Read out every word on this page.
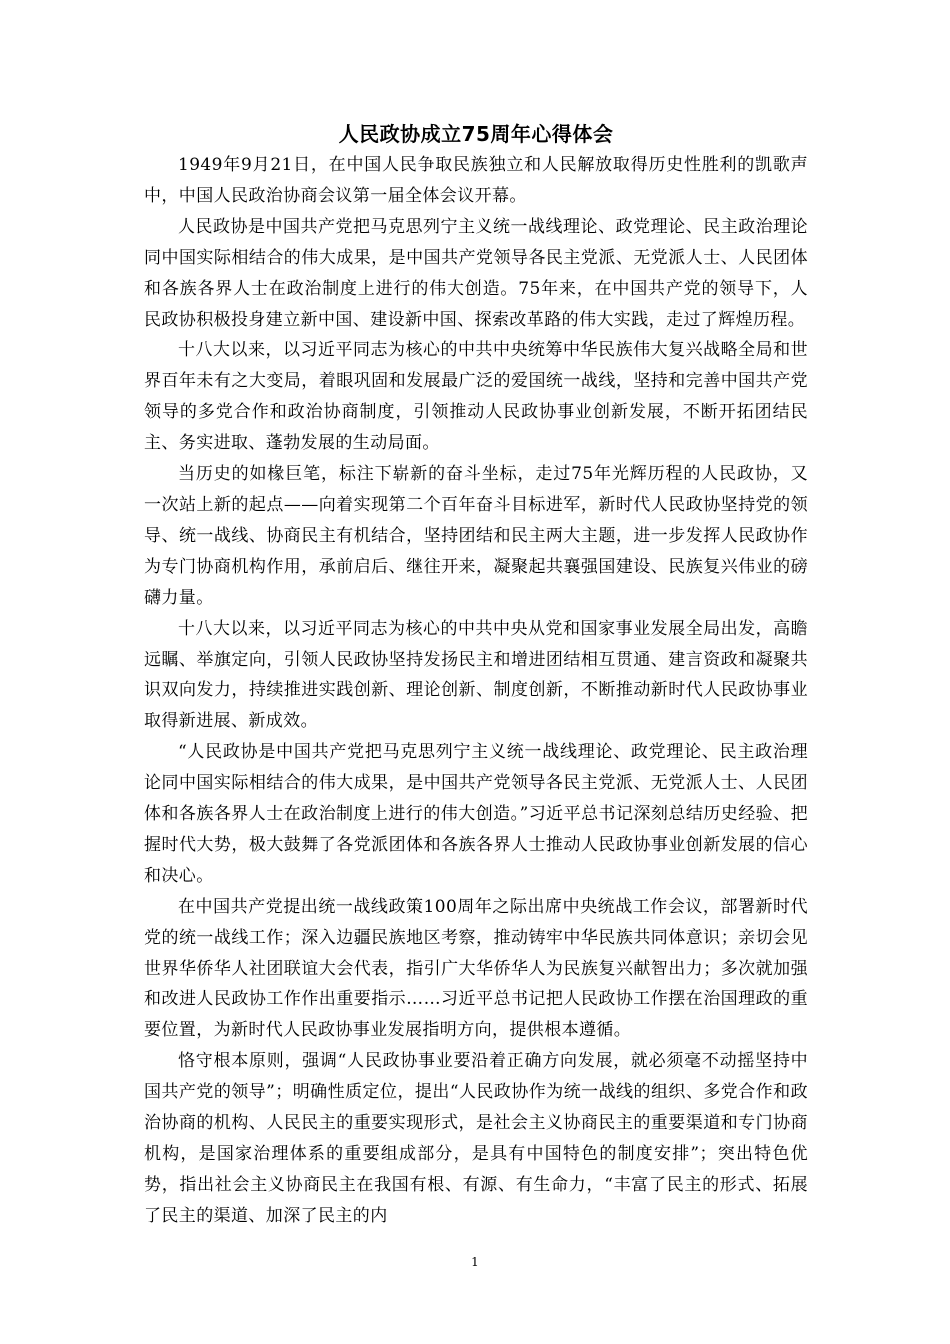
人民政协成立75周年心得体会

1949年9月21日，在中国人民争取民族独立和人民解放取得历史性胜利的凯歌声中，中国人民政治协商会议第一届全体会议开幕。

人民政协是中国共产党把马克思列宁主义统一战线理论、政党理论、民主政治理论同中国实际相结合的伟大成果，是中国共产党领导各民主党派、无党派人士、人民团体和各族各界人士在政治制度上进行的伟大创造。75年来，在中国共产党的领导下，人民政协积极投身建立新中国、建设新中国、探索改革路的伟大实践，走过了辉煌历程。

十八大以来，以习近平同志为核心的中共中央统筹中华民族伟大复兴战略全局和世界百年未有之大变局，着眼巩固和发展最广泛的爱国统一战线，坚持和完善中国共产党领导的多党合作和政治协商制度，引领推动人民政协事业创新发展，不断开拓团结民主、务实进取、蓬勃发展的生动局面。

当历史的如椽巨笔，标注下崭新的奋斗坐标，走过75年光辉历程的人民政协，又一次站上新的起点——向着实现第二个百年奋斗目标进军，新时代人民政协坚持党的领导、统一战线、协商民主有机结合，坚持团结和民主两大主题，进一步发挥人民政协作为专门协商机构作用，承前启后、继往开来，凝聚起共襄强国建设、民族复兴伟业的磅礴力量。

十八大以来，以习近平同志为核心的中共中央从党和国家事业发展全局出发，高瞻远瞩、举旗定向，引领人民政协坚持发扬民主和增进团结相互贯通、建言资政和凝聚共识双向发力，持续推进实践创新、理论创新、制度创新，不断推动新时代人民政协事业取得新进展、新成效。

“人民政协是中国共产党把马克思列宁主义统一战线理论、政党理论、民主政治理论同中国实际相结合的伟大成果，是中国共产党领导各民主党派、无党派人士、人民团体和各族各界人士在政治制度上进行的伟大创造。”习近平总书记深刻总结历史经验、把握时代大势，极大鼓舞了各党派团体和各族各界人士推动人民政协事业创新发展的信心和决心。

在中国共产党提出统一战线政策100周年之际出席中央统战工作会议，部署新时代党的统一战线工作；深入边疆民族地区考察，推动铸牢中华民族共同体意识；亲切会见世界华侨华人社团联谊大会代表，指引广大华侨华人为民族复兴献智出力；多次就加强和改进人民政协工作作出重要指示……习近平总书记把人民政协工作摆在治国理政的重要位置，为新时代人民政协事业发展指明方向，提供根本遵循。

恪守根本原则，强调“人民政协事业要沿着正确方向发展，就必须毫不动摇坚持中国共产党的领导”；明确性质定位，提出“人民政协作为统一战线的组织、多党合作和政治协商的机构、人民民主的重要实现形式，是社会主义协商民主的重要渠道和专门协商机构，是国家治理体系的重要组成部分，是具有中国特色的制度安排”；突出特色优势，指出社会主义协商民主在我国有根、有源、有生命力，“丰富了民主的形式、拓展了民主的渠道、加深了民主的内

1
